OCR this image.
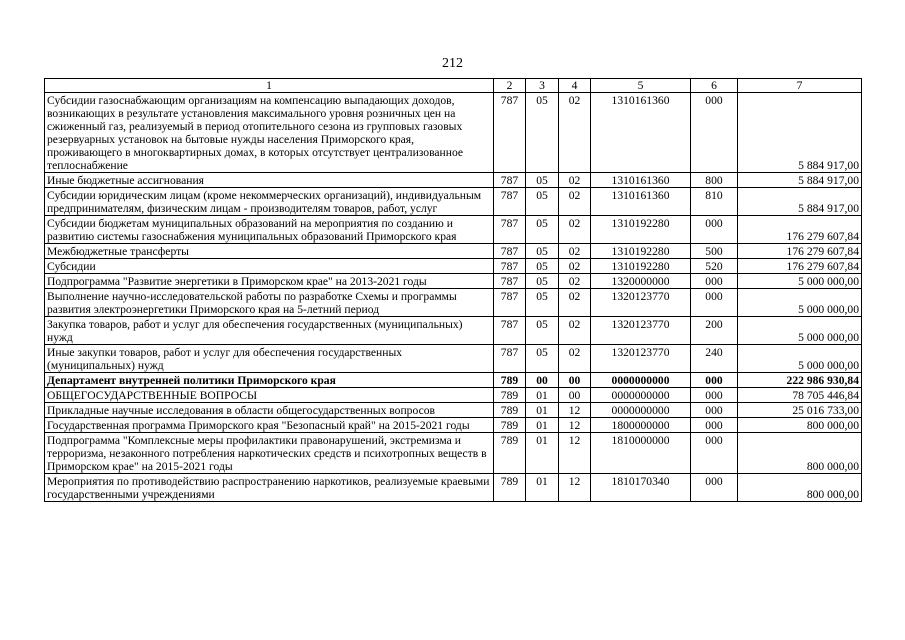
212
1	2	3	4	5	6	7
Субсидии газоснабжающим организациям на компенсацию выпадающих доходов, возникающих в результате установления максимального уровня розничных цен на сжиженный газ, реализуемый в период отопительного сезона из групповых газовых резервуарных установок на бытовые нужды населения Приморского края, проживающего в многоквартирных домах, в которых отсутствует централизованное теплоснабжение	787	05	02	1310161360	000	5 884 917,00
Иные бюджетные ассигнования	787	05	02	1310161360	800	5 884 917,00
Субсидии юридическим лицам (кроме некоммерческих организаций), индивидуальным предпринимателям, физическим лицам - производителям товаров, работ, услуг	787	05	02	1310161360	810	5 884 917,00
Субсидии бюджетам муниципальных образований на мероприятия по созданию и развитию системы газоснабжения муниципальных образований Приморского края	787	05	02	1310192280	000	176 279 607,84
Межбюджетные трансферты	787	05	02	1310192280	500	176 279 607,84
Субсидии	787	05	02	1310192280	520	176 279 607,84
Подпрограмма "Развитие энергетики в Приморском крае" на 2013-2021 годы	787	05	02	1320000000	000	5 000 000,00
Выполнение научно-исследовательской работы по разработке Схемы и программы развития электроэнергетики Приморского края на 5-летний период	787	05	02	1320123770	000	5 000 000,00
Закупка товаров, работ и услуг для обеспечения государственных (муниципальных) нужд	787	05	02	1320123770	200	5 000 000,00
Иные закупки товаров, работ и услуг для обеспечения государственных (муниципальных) нужд	787	05	02	1320123770	240	5 000 000,00
Департамент внутренней политики Приморского края	789	00	00	0000000000	000	222 986 930,84
ОБЩЕГОСУДАРСТВЕННЫЕ ВОПРОСЫ	789	01	00	0000000000	000	78 705 446,84
Прикладные научные исследования в области общегосударственных вопросов	789	01	12	0000000000	000	25 016 733,00
Государственная программа Приморского края "Безопасный край" на 2015-2021 годы	789	01	12	1800000000	000	800 000,00
Подпрограмма "Комплексные меры профилактики правонарушений, экстремизма и терроризма, незаконного потребления наркотических средств и психотропных веществ в Приморском крае" на 2015-2021 годы	789	01	12	1810000000	000	800 000,00
Мероприятия по противодействию распространению наркотиков, реализуемые краевыми государственными учреждениями	789	01	12	1810170340	000	800 000,00
